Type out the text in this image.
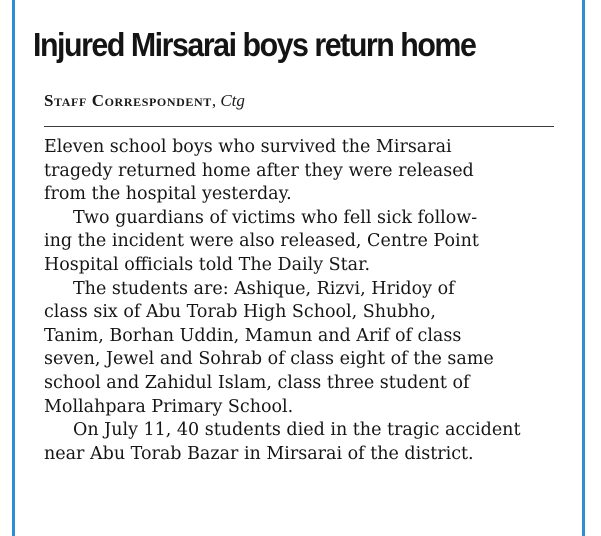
Injured Mirsarai boys return home

Staff Correspondent, Ctg

Eleven school boys who survived the Mirsarai
tragedy returned home after they were released
from the hospital yesterday.
Two guardians of victims who fell sick follow-
ing the incident were also released, Centre Point
Hospital officials told The Daily Star.
The students are: Ashique, Rizvi, Hridoy of
class six of Abu Torab High School, Shubho,
Tanim, Borhan Uddin, Mamun and Arif of class
seven, Jewel and Sohrab of class eight of the same
school and Zahidul Islam, class three student of
Mollahpara Primary School.
On July 11, 40 students died in the tragic accident
near Abu Torab Bazar in Mirsarai of the district.
